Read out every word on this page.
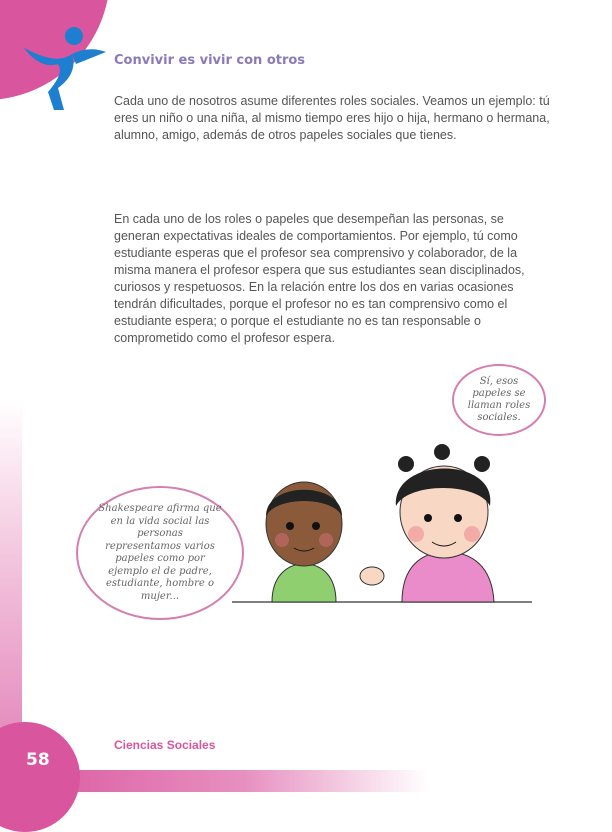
Convivir es vivir con otros

Cada uno de nosotros asume diferentes roles sociales. Veamos un ejemplo: tú eres un niño o una niña, al mismo tiempo eres hijo o hija, hermano o hermana, alumno, amigo, además de otros papeles sociales que tienes.

En cada uno de los roles o papeles que desempeñan las personas, se generan expectativas ideales de comportamientos. Por ejemplo, tú como estudiante esperas que el profesor sea comprensivo y colaborador, de la misma manera el profesor espera que sus estudiantes sean disciplinados, curiosos y respetuosos. En la relación entre los dos en varias ocasiones tendrán dificultades, porque el profesor no es tan comprensivo como el estudiante espera; o porque el estudiante no es tan responsable o comprometido como el profesor espera.

Sí, esos papeles se llaman roles sociales.
Shakespeare afirma que en la vida social las personas representamos varios papeles como por ejemplo el de padre, estudiante, hombre o mujer...
58
Ciencias Sociales
